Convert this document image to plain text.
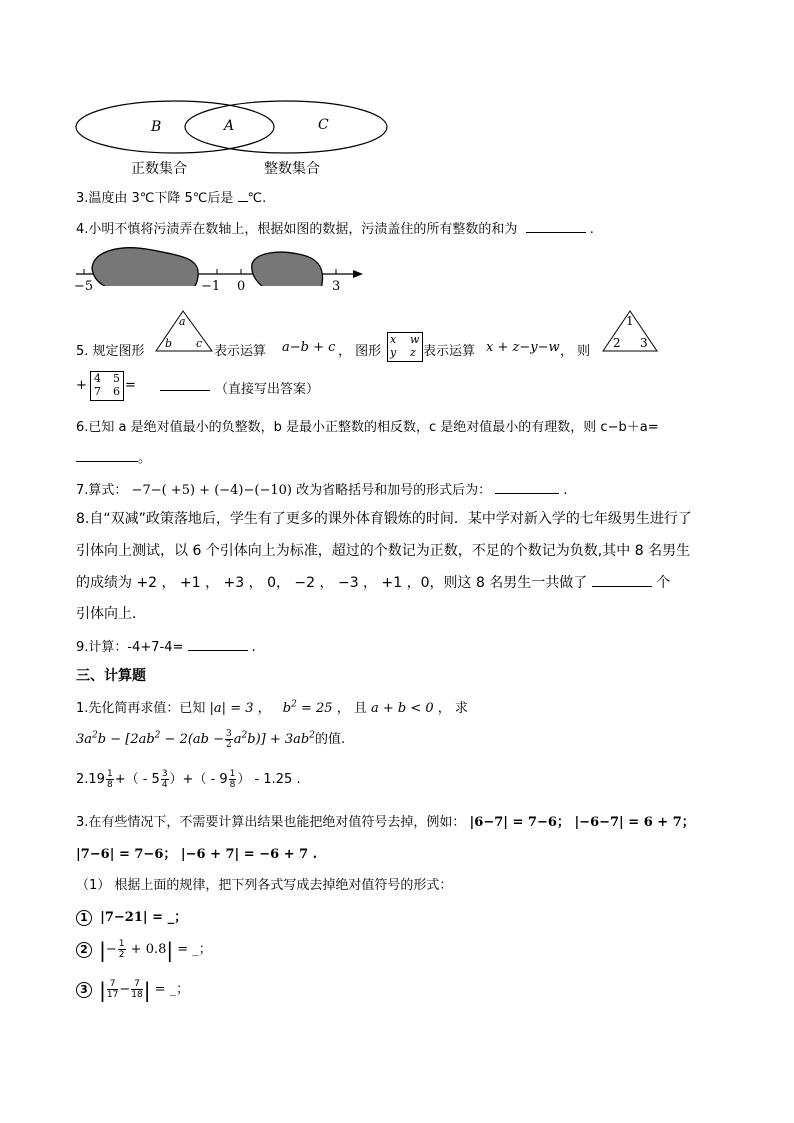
B	A	C
正数集合	整数集合
3.温度由 3℃下降 5℃后是 ℃.
4.小明不慎将污渍弄在数轴上，根据如图的数据，污渍盖住的所有整数的和为	.
−5	−1 0	3
5. 规定图形
a
b c
表示运算 a−b + c ， 图形
x w
y z 表示运算 x + z−y−w ， 则
1
2 3
+ 4 5
7 6 =	（直接写出答案）
6.已知 a 是绝对值最小的负整数，b 是最小正整数的相反数，c 是绝对值最小的有理数，则 c−b＋a=
。
7.算式： −7−( +5) + (−4)−(−10) 改为省略括号和加号的形式后为：	.
8.自“双减”政策落地后，学生有了更多的课外体育锻炼的时间．某中学对新入学的七年级男生进行了
引体向上测试，以 6 个引体向上为标准，超过的个数记为正数，不足的个数记为负数,其中 8 名男生
的成绩为 +2 ， +1 ， +3 ， 0， −2 ， −3 ， +1 ，0，则这 8 名男生一共做了	个
引体向上．
9.计算：-4+7-4=	.
三、计算题
1.先化简再求值：已知 |a| = 3 ， $b^2 = 25$ ， 且 a + b < 0 ， 求
$3a^2b - [2ab^2 - 2(ab - \frac{3}{2} a^2b)] + 3ab^2$的值.
$2.19 \frac{1}{8}$ +（ - $5 \frac{3}{4}$ ）+（ - $9 \frac{1}{8}$ ） - 1.25 .
3.在有些情况下，不需要计算出结果也能把绝对值符号去掉，例如： |6−7| = 7−6； |−6−7| = 6 + 7；
|7−6| = 7−6； |−6 + 7| = −6 + 7 .
（1） 根据上面的规律，把下列各式写成去掉绝对值符号的形式：
1 |7−21| = _；
2 |− $\frac{1}{2} + 0.8|$ = _；
3 | $\frac{7}{17} - \frac{7}{18}$ | = _；
